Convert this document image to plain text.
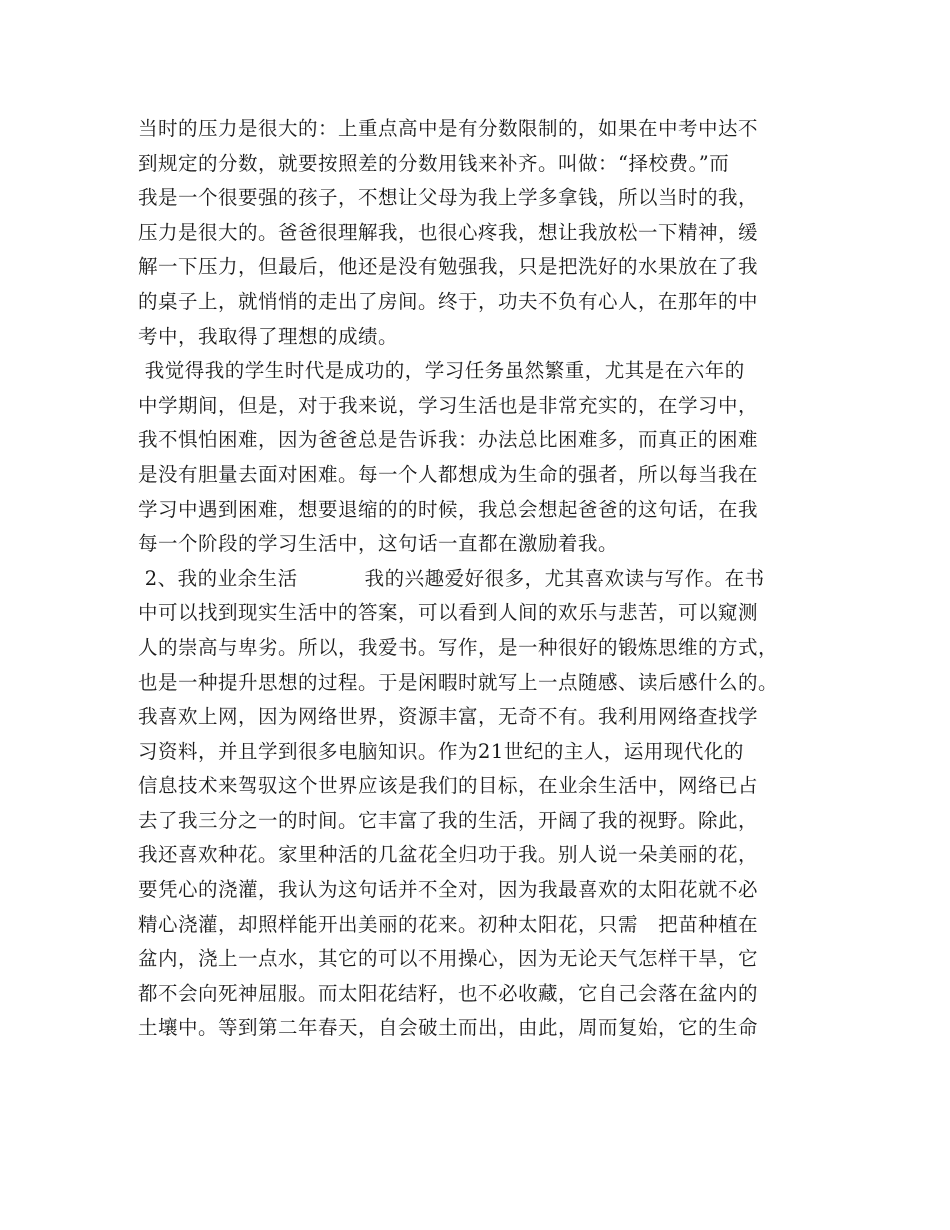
当时的压力是很大的：上重点高中是有分数限制的，如果在中考中达不
到规定的分数，就要按照差的分数用钱来补齐。叫做：“择校费。”而
我是一个很要强的孩子，不想让父母为我上学多拿钱，所以当时的我，
压力是很大的。爸爸很理解我，也很心疼我，想让我放松一下精神，缓
解一下压力，但最后，他还是没有勉强我，只是把洗好的水果放在了我
的桌子上，就悄悄的走出了房间。终于，功夫不负有心人，在那年的中
考中，我取得了理想的成绩。
我觉得我的学生时代是成功的，学习任务虽然繁重，尤其是在六年的
中学期间，但是，对于我来说，学习生活也是非常充实的，在学习中，
我不惧怕困难，因为爸爸总是告诉我：办法总比困难多，而真正的困难
是没有胆量去面对困难。每一个人都想成为生命的强者，所以每当我在
学习中遇到困难，想要退缩的的时候，我总会想起爸爸的这句话，在我
每一个阶段的学习生活中，这句话一直都在激励着我。
2、我的业余生活          我的兴趣爱好很多，尤其喜欢读与写作。在书
中可以找到现实生活中的答案，可以看到人间的欢乐与悲苦，可以窥测
人的崇高与卑劣。所以，我爱书。写作，是一种很好的锻炼思维的方式，
也是一种提升思想的过程。于是闲暇时就写上一点随感、读后感什么的。
我喜欢上网，因为网络世界，资源丰富，无奇不有。我利用网络查找学
习资料，并且学到很多电脑知识。作为21世纪的主人，运用现代化的
信息技术来驾驭这个世界应该是我们的目标，在业余生活中，网络已占
去了我三分之一的时间。它丰富了我的生活，开阔了我的视野。除此，
我还喜欢种花。家里种活的几盆花全归功于我。别人说一朵美丽的花，
要凭心的浇灌，我认为这句话并不全对，因为我最喜欢的太阳花就不必
精心浇灌，却照样能开出美丽的花来。初种太阳花，只需   把苗种植在
盆内，浇上一点水，其它的可以不用操心，因为无论天气怎样干旱，它
都不会向死神屈服。而太阳花结籽，也不必收藏，它自己会落在盆内的
土壤中。等到第二年春天，自会破土而出，由此，周而复始，它的生命
